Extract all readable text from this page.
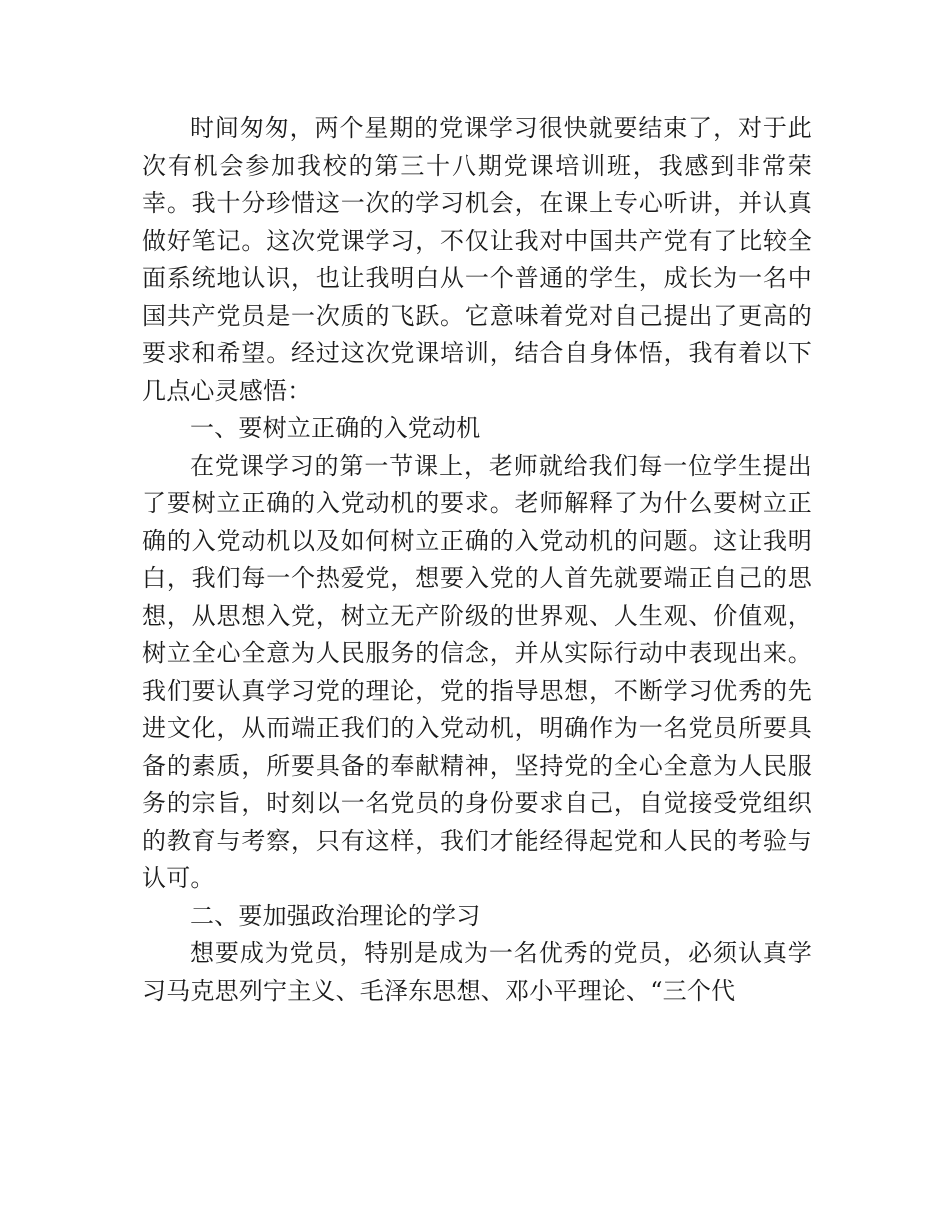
时间匆匆，两个星期的党课学习很快就要结束了，对于此次有机会参加我校的第三十八期党课培训班，我感到非常荣幸。我十分珍惜这一次的学习机会，在课上专心听讲，并认真做好笔记。这次党课学习，不仅让我对中国共产党有了比较全面系统地认识，也让我明白从一个普通的学生，成长为一名中国共产党员是一次质的飞跃。它意味着党对自己提出了更高的要求和希望。经过这次党课培训，结合自身体悟，我有着以下几点心灵感悟：

一、要树立正确的入党动机

在党课学习的第一节课上，老师就给我们每一位学生提出了要树立正确的入党动机的要求。老师解释了为什么要树立正确的入党动机以及如何树立正确的入党动机的问题。这让我明白，我们每一个热爱党，想要入党的人首先就要端正自己的思想，从思想入党，树立无产阶级的世界观、人生观、价值观，树立全心全意为人民服务的信念，并从实际行动中表现出来。我们要认真学习党的理论，党的指导思想，不断学习优秀的先进文化，从而端正我们的入党动机，明确作为一名党员所要具备的素质，所要具备的奉献精神，坚持党的全心全意为人民服务的宗旨，时刻以一名党员的身份要求自己，自觉接受党组织的教育与考察，只有这样，我们才能经得起党和人民的考验与认可。

二、要加强政治理论的学习

想要成为党员，特别是成为一名优秀的党员，必须认真学习马克思列宁主义、毛泽东思想、邓小平理论、“三个代
